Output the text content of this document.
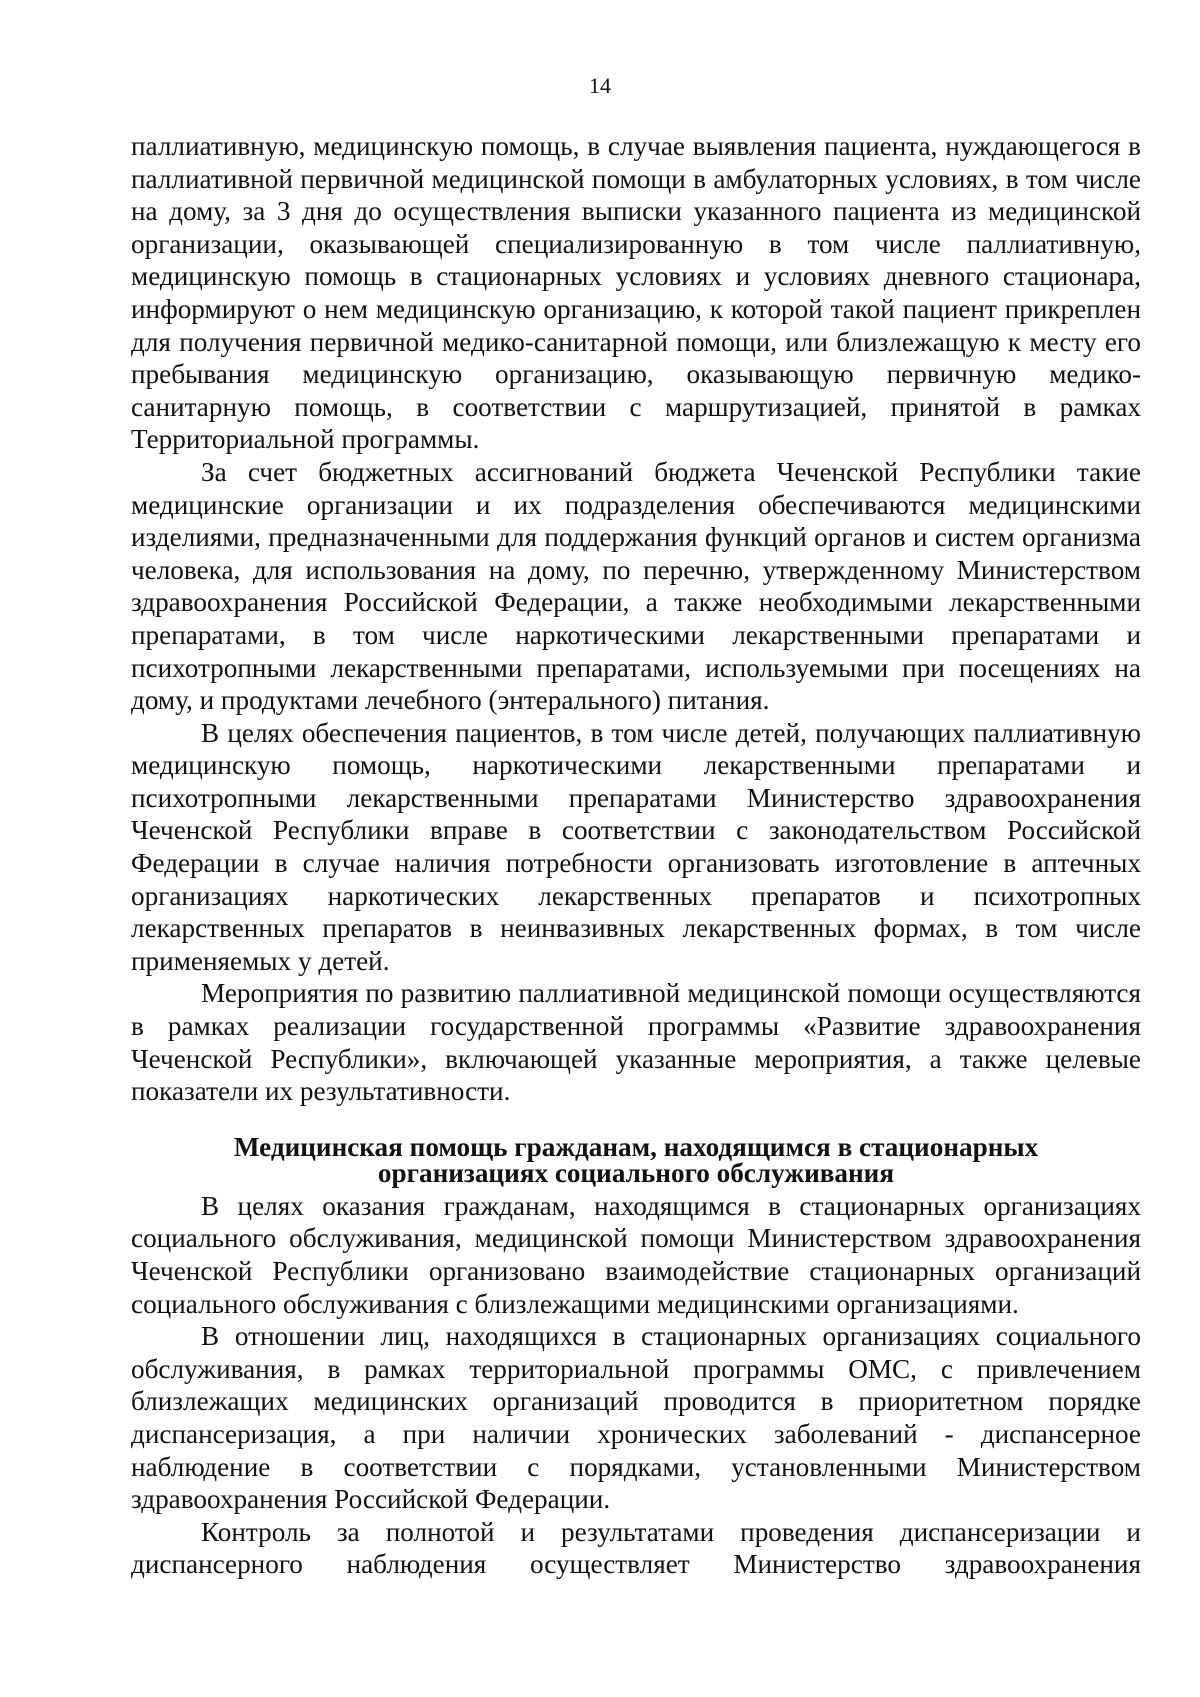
14

паллиативную, медицинскую помощь, в случае выявления пациента, нуждающегося в паллиативной первичной медицинской помощи в амбулаторных условиях, в том числе на дому, за 3 дня до осуществления выписки указанного пациента из медицинской организации, оказывающей специализированную в том числе паллиативную, медицинскую помощь в стационарных условиях и условиях дневного стационара, информируют о нем медицинскую организацию, к которой такой пациент прикреплен для получения первичной медико-санитарной помощи, или близлежащую к месту его пребывания медицинскую организацию, оказывающую первичную медико-санитарную помощь, в соответствии с маршрутизацией, принятой в рамках Территориальной программы.

За счет бюджетных ассигнований бюджета Чеченской Республики такие медицинские организации и их подразделения обеспечиваются медицинскими изделиями, предназначенными для поддержания функций органов и систем организма человека, для использования на дому, по перечню, утвержденному Министерством здравоохранения Российской Федерации, а также необходимыми лекарственными препаратами, в том числе наркотическими лекарственными препаратами и психотропными лекарственными препаратами, используемыми при посещениях на дому, и продуктами лечебного (энтерального) питания.

В целях обеспечения пациентов, в том числе детей, получающих паллиативную медицинскую помощь, наркотическими лекарственными препаратами и психотропными лекарственными препаратами Министерство здравоохранения Чеченской Республики вправе в соответствии с законодательством Российской Федерации в случае наличия потребности организовать изготовление в аптечных организациях наркотических лекарственных препаратов и психотропных лекарственных препаратов в неинвазивных лекарственных формах, в том числе применяемых у детей.

Мероприятия по развитию паллиативной медицинской помощи осуществляются в рамках реализации государственной программы «Развитие здравоохранения Чеченской Республики», включающей указанные мероприятия, а также целевые показатели их результативности.

Медицинская помощь гражданам, находящимся в стационарных
организациях социального обслуживания

В целях оказания гражданам, находящимся в стационарных организациях социального обслуживания, медицинской помощи Министерством здравоохранения Чеченской Республики организовано взаимодействие стационарных организаций социального обслуживания с близлежащими медицинскими организациями.

В отношении лиц, находящихся в стационарных организациях социального обслуживания, в рамках территориальной программы ОМС, с привлечением близлежащих медицинских организаций проводится в приоритетном порядке диспансеризация, а при наличии хронических заболеваний - диспансерное наблюдение в соответствии с порядками, установленными Министерством здравоохранения Российской Федерации.

Контроль за полнотой и результатами проведения диспансеризации и диспансерного наблюдения осуществляет Министерство здравоохранения
